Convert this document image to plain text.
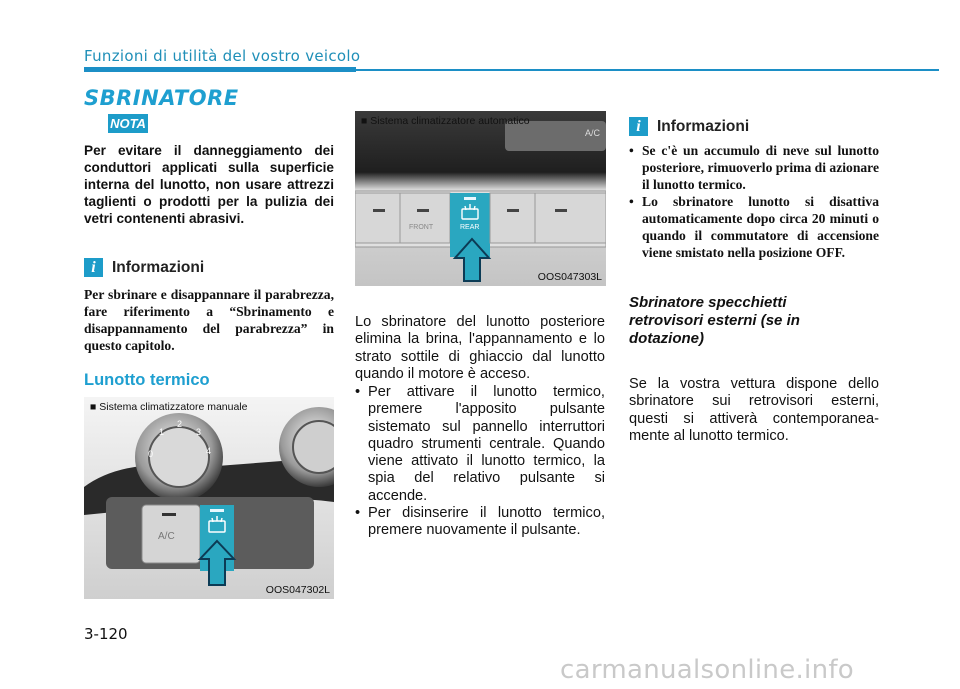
Funzioni di utilità del vostro veicolo
SBRINATORE
NOTA
Per evitare il danneggiamento dei conduttori applicati sulla superficie interna del lunotto, non usare attrezzi taglienti o prodotti per la pulizia dei vetri contenenti abrasivi.
i	Informazioni
Per sbrinare e disappannare il parabrezza, fare riferimento a “Sbrinamento e disappannamento del parabrezza” in questo capitolo.
Lunotto termico
■ Sistema climatizzatore manuale
0
1
2
3
4
A/C
OOS047302L
■ Sistema climatizzatore automatico
A/C
FRONT	REAR
OOS047303L
Lo sbrinatore del lunotto posteriore elimina la brina, l'appannamento e lo strato sottile di ghiaccio dal lunotto quando il motore è acceso.
• Per attivare il lunotto termico, premere l'apposito pulsante sistemato sul pannello interruttori quadro strumenti centrale. Quando viene attivato il lunotto termico, la spia del relativo pulsante si accende.
• Per disinserire il lunotto termico, premere nuovamente il pulsante.
i	Informazioni
• Se c'è un accumulo di neve sul lunotto posteriore, rimuoverlo prima di azionare il lunotto termico.
• Lo sbrinatore lunotto si disattiva automaticamente dopo circa 20 minuti o quando il commutatore di accensione viene smistato nella posizione OFF.
Sbrinatore specchietti retrovisori esterni (se in dotazione)
Se la vostra vettura dispone dello sbrinatore sui retrovisori esterni, questi si attiverà contemporanea-mente al lunotto termico.
3-120
carmanualsonline.info
